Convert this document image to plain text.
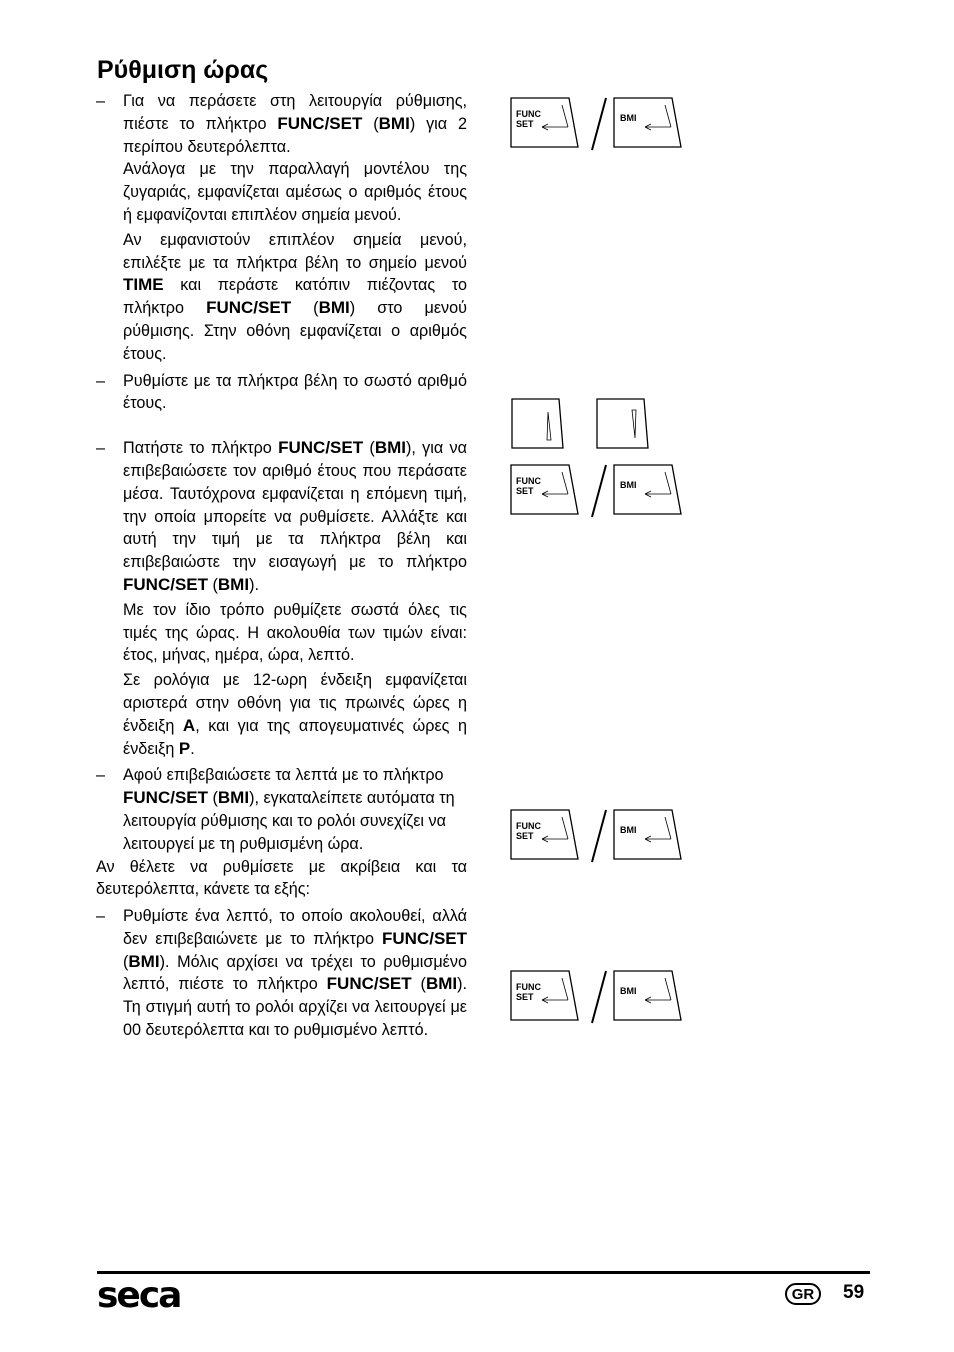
Ρύθμιση ώρας
– Για να περάσετε στη λειτουργία ρύθμισης, πιέστε το πλήκτρο FUNC/SET (BMI) για 2 περίπου δευτερόλεπτα.

Ανάλογα με την παραλλαγή μοντέλου της ζυγαριάς, εμφανίζεται αμέσως ο αριθμός έτους ή εμφανίζονται επιπλέον σημεία μενού.

Αν εμφανιστούν επιπλέον σημεία μενού, επιλέξτε με τα πλήκτρα βέλη το σημείο μενού TIME και περάστε κατόπιν πιέζοντας το πλήκτρο FUNC/SET (BMI) στο μενού ρύθμισης. Στην οθόνη εμφανίζεται ο αριθμός έτους.

– Ρυθμίστε με τα πλήκτρα βέλη το σωστό αριθμό έτους.

– Πατήστε το πλήκτρο FUNC/SET (BMI), για να επιβεβαιώσετε τον αριθμό έτους που περάσατε μέσα. Ταυτόχρονα εμφανίζεται η επόμενη τιμή, την οποία μπορείτε να ρυθμίσετε. Αλλάξτε και αυτή την τιμή με τα πλήκτρα βέλη και επιβεβαιώστε την εισαγωγή με το πλήκτρο FUNC/SET (BMI).

Με τον ίδιο τρόπο ρυθμίζετε σωστά όλες τις τιμές της ώρας. Η ακολουθία των τιμών είναι: έτος, μήνας, ημέρα, ώρα, λεπτό.

Σε ρολόγια με 12-ωρη ένδειξη εμφανίζεται αριστερά στην οθόνη για τις πρωινές ώρες η ένδειξη A, και για της απογευματινές ώρες η ένδειξη P.

– Αφού επιβεβαιώσετε τα λεπτά με το πλήκτρο FUNC/SET (BMI), εγκαταλείπετε αυτόματα τη λειτουργία ρύθμισης και το ρολόι συνεχίζει να λειτουργεί με τη ρυθμισμένη ώρα.

Αν θέλετε να ρυθμίσετε με ακρίβεια και τα δευτερόλεπτα, κάνετε τα εξής:

– Ρυθμίστε ένα λεπτό, το οποίο ακολουθεί, αλλά δεν επιβεβαιώνετε με το πλήκτρο FUNC/SET (BMI). Μόλις αρχίσει να τρέχει το ρυθμισμένο λεπτό, πιέστε το πλήκτρο FUNC/SET (BMI). Τη στιγμή αυτή το ρολόι αρχίζει να λειτουργεί με 00 δευτερόλεπτα και το ρυθμισμένο λεπτό.

FUNC
SET
BMI
FUNC
SET
BMI
FUNC
SET
BMI
FUNC
SET
BMI
seca	GR	59
